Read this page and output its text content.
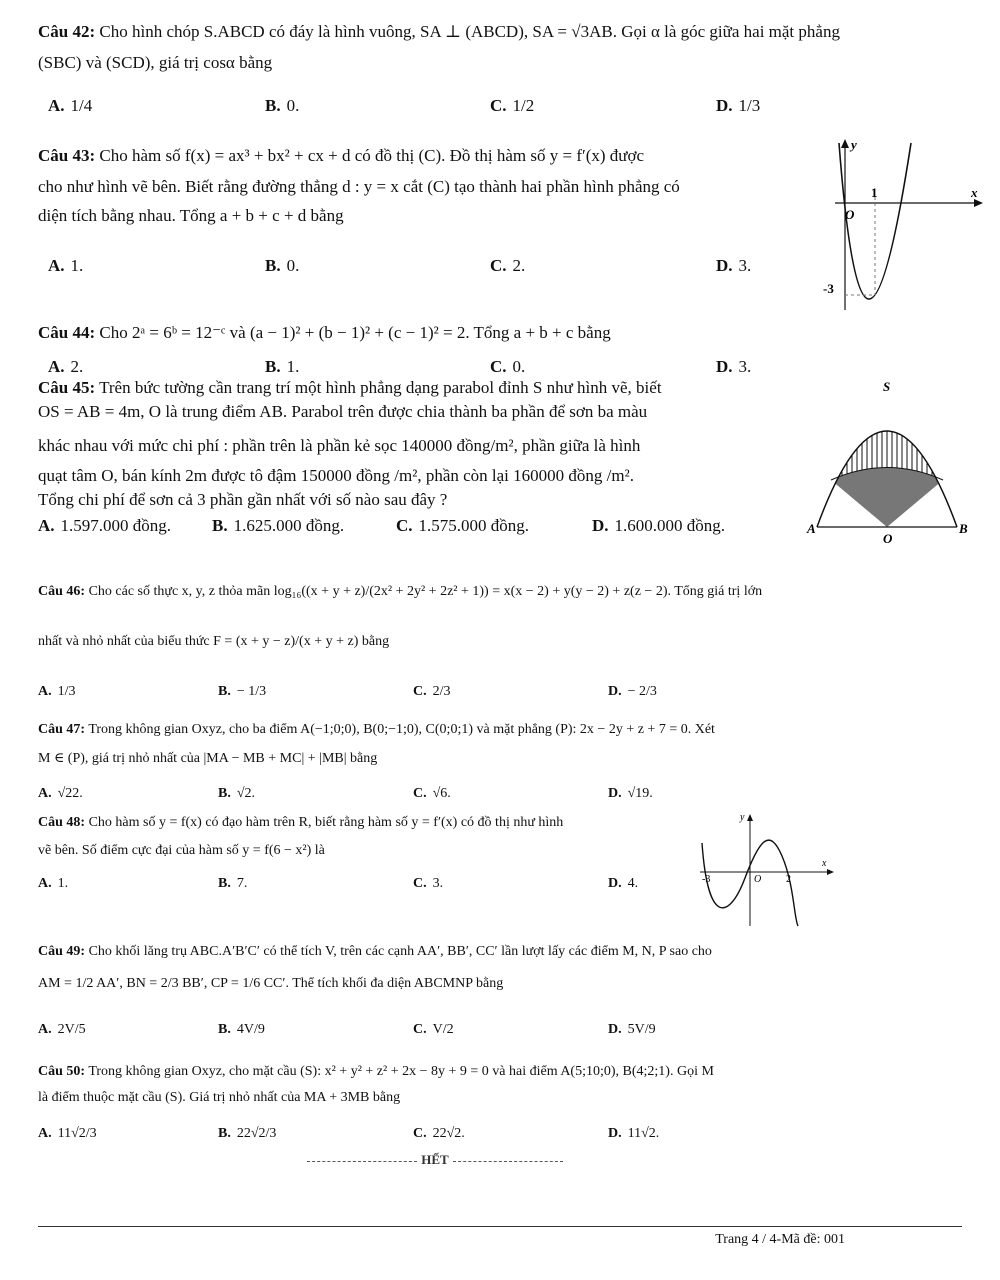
Câu 42: Cho hình chóp S.ABCD có đáy là hình vuông, SA ⊥ (ABCD), SA = √3AB. Gọi α là góc giữa hai mặt phẳng
(SBC) và (SCD), giá trị cosα bằng
A. 1/4	B. 0.	C. 1/2	D. 1/3
Câu 43: Cho hàm số f(x) = ax³ + bx² + cx + d có đồ thị (C). Đồ thị hàm số y = f′(x) được
cho như hình vẽ bên. Biết rằng đường thẳng d : y = x cắt (C) tạo thành hai phần hình phẳng có
diện tích bằng nhau. Tổng a + b + c + d bằng
A. 1.	B. 0.	C. 2.	D. 3.
y
x
O
1
-3
Câu 44: Cho 2ᵃ = 6ᵇ = 12⁻ᶜ và (a − 1)² + (b − 1)² + (c − 1)² = 2. Tổng a + b + c bằng
A. 2.	B. 1.	C. 0.	D. 3.
Câu 45: Trên bức tường cần trang trí một hình phẳng dạng parabol đỉnh S như hình vẽ, biết
OS = AB = 4m, O là trung điểm AB. Parabol trên được chia thành ba phần để sơn ba màu
khác nhau với mức chi phí : phần trên là phần kẻ sọc 140000 đồng/m², phần giữa là hình
quạt tâm O, bán kính 2m được tô đậm 150000 đồng /m², phần còn lại 160000 đồng /m².
Tổng chi phí để sơn cả 3 phần gần nhất với số nào sau đây ?
A. 1.597.000 đồng. B. 1.625.000 đồng.	C. 1.575.000 đồng.	D. 1.600.000 đồng.
S
A	B
O
Câu 46: Cho các số thực x, y, z thỏa mãn log₁₆((x + y + z)/(2x² + 2y² + 2z² + 1)) = x(x − 2) + y(y − 2) + z(z − 2). Tổng giá trị lớn
nhất và nhỏ nhất của biểu thức F = (x + y − z)/(x + y + z) bằng
A. 1/3	B. − 1/3	C. 2/3	D. − 2/3
Câu 47: Trong không gian Oxyz, cho ba điểm A(−1;0;0), B(0;−1;0), C(0;0;1) và mặt phẳng (P): 2x − 2y + z + 7 = 0. Xét
M ∈ (P), giá trị nhỏ nhất của |MA − MB + MC| + |MB| bằng
A. √22.	B. √2.	C. √6.	D. √19.
Câu 48: Cho hàm số y = f(x) có đạo hàm trên R, biết rằng hàm số y = f′(x) có đồ thị như hình
vẽ bên. Số điểm cực đại của hàm số y = f(6 − x²) là
A. 1.	B. 7.	C. 3.	D. 4.
y
x
O
-3	2
Câu 49: Cho khối lăng trụ ABC.A′B′C′ có thể tích V, trên các cạnh AA′, BB′, CC′ lần lượt lấy các điểm M, N, P sao cho
AM = 1/2 AA′, BN = 2/3 BB′, CP = 1/6 CC′. Thể tích khối đa diện ABCMNP bằng
A. 2V/5	B. 4V/9	C. V/2	D. 5V/9
Câu 50: Trong không gian Oxyz, cho mặt cầu (S): x² + y² + z² + 2x − 8y + 9 = 0 và hai điểm A(5;10;0), B(4;2;1). Gọi M
là điểm thuộc mặt cầu (S). Giá trị nhỏ nhất của MA + 3MB bằng
A. 11√2/3	B. 22√2/3	C. 22√2.	D. 11√2.
HẾT
Trang 4 / 4-Mã đề: 001
